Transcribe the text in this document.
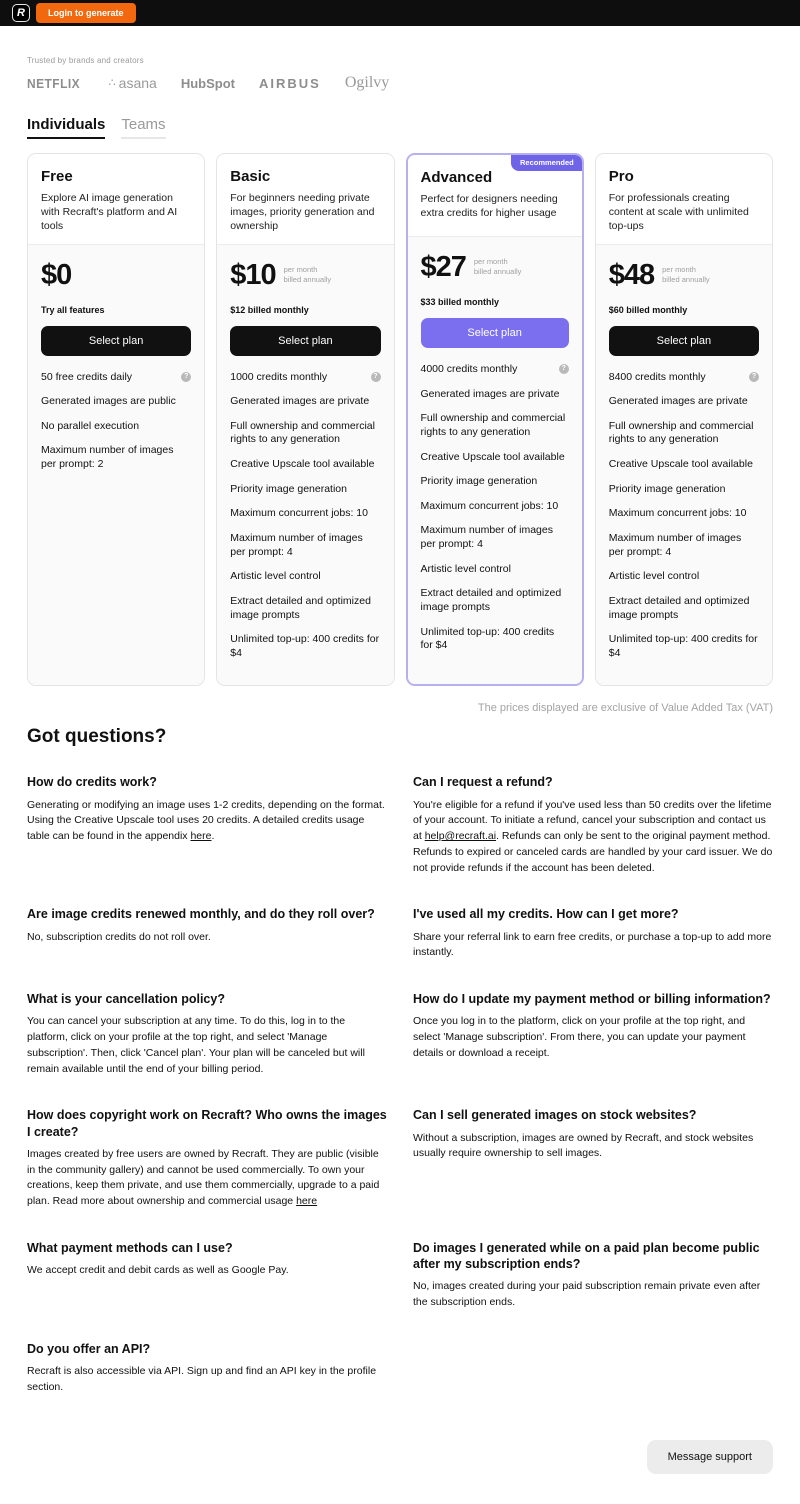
R	Login to generate
Trusted by brands and creators
NETFLIX	∴ asana HubSpot AIRBUS Ogilvy
Individuals Teams
Free

Explore AI image generation with Recraft's platform and AI tools

$0
Try all features
Select plan
50 free credits daily	?
Generated images are public
No parallel execution
Maximum number of images per prompt: 2
Basic

For beginners needing private images, priority generation and ownership

$10 per month
billed annually
$12 billed monthly
Select plan
1000 credits monthly	?
Generated images are private
Full ownership and commercial rights to any generation
Creative Upscale tool available
Priority image generation
Maximum concurrent jobs: 10
Maximum number of images per prompt: 4
Artistic level control
Extract detailed and optimized image prompts
Unlimited top-up: 400 credits for $4
Recommended
Advanced

Perfect for designers needing extra credits for higher usage

$27 per month
billed annually
$33 billed monthly
Select plan
4000 credits monthly	?
Generated images are private
Full ownership and commercial rights to any generation
Creative Upscale tool available
Priority image generation
Maximum concurrent jobs: 10
Maximum number of images per prompt: 4
Artistic level control
Extract detailed and optimized image prompts
Unlimited top-up: 400 credits for $4
Pro

For professionals creating content at scale with unlimited top-ups

$48 per month
billed annually
$60 billed monthly
Select plan
8400 credits monthly	?
Generated images are private
Full ownership and commercial rights to any generation
Creative Upscale tool available
Priority image generation
Maximum concurrent jobs: 10
Maximum number of images per prompt: 4
Artistic level control
Extract detailed and optimized image prompts
Unlimited top-up: 400 credits for $4
The prices displayed are exclusive of Value Added Tax (VAT)
Got questions?
How do credits work?
Generating or modifying an image uses 1-2 credits, depending on the format. Using the Creative Upscale tool uses 20 credits. A detailed credits usage table can be found in the appendix here.
Can I request a refund?
You're eligible for a refund if you've used less than 50 credits over the lifetime of your account. To initiate a refund, cancel your subscription and contact us at help@recraft.ai. Refunds can only be sent to the original payment method. Refunds to expired or canceled cards are handled by your card issuer. We do not provide refunds if the account has been deleted.
Are image credits renewed monthly, and do they roll over?
No, subscription credits do not roll over.
I've used all my credits. How can I get more?
Share your referral link to earn free credits, or purchase a top-up to add more instantly.
What is your cancellation policy?
You can cancel your subscription at any time. To do this, log in to the platform, click on your profile at the top right, and select 'Manage subscription'. Then, click 'Cancel plan'. Your plan will be canceled but will remain available until the end of your billing period.
How do I update my payment method or billing information?
Once you log in to the platform, click on your profile at the top right, and select 'Manage subscription'. From there, you can update your payment details or download a receipt.
How does copyright work on Recraft? Who owns the images I create?
Images created by free users are owned by Recraft. They are public (visible in the community gallery) and cannot be used commercially. To own your creations, keep them private, and use them commercially, upgrade to a paid plan. Read more about ownership and commercial usage here
Can I sell generated images on stock websites?
Without a subscription, images are owned by Recraft, and stock websites usually require ownership to sell images.
What payment methods can I use?
We accept credit and debit cards as well as Google Pay.
Do images I generated while on a paid plan become public after my subscription ends?
No, images created during your paid subscription remain private even after the subscription ends.
Do you offer an API?
Recraft is also accessible via API. Sign up and find an API key in the profile section.
Message support
